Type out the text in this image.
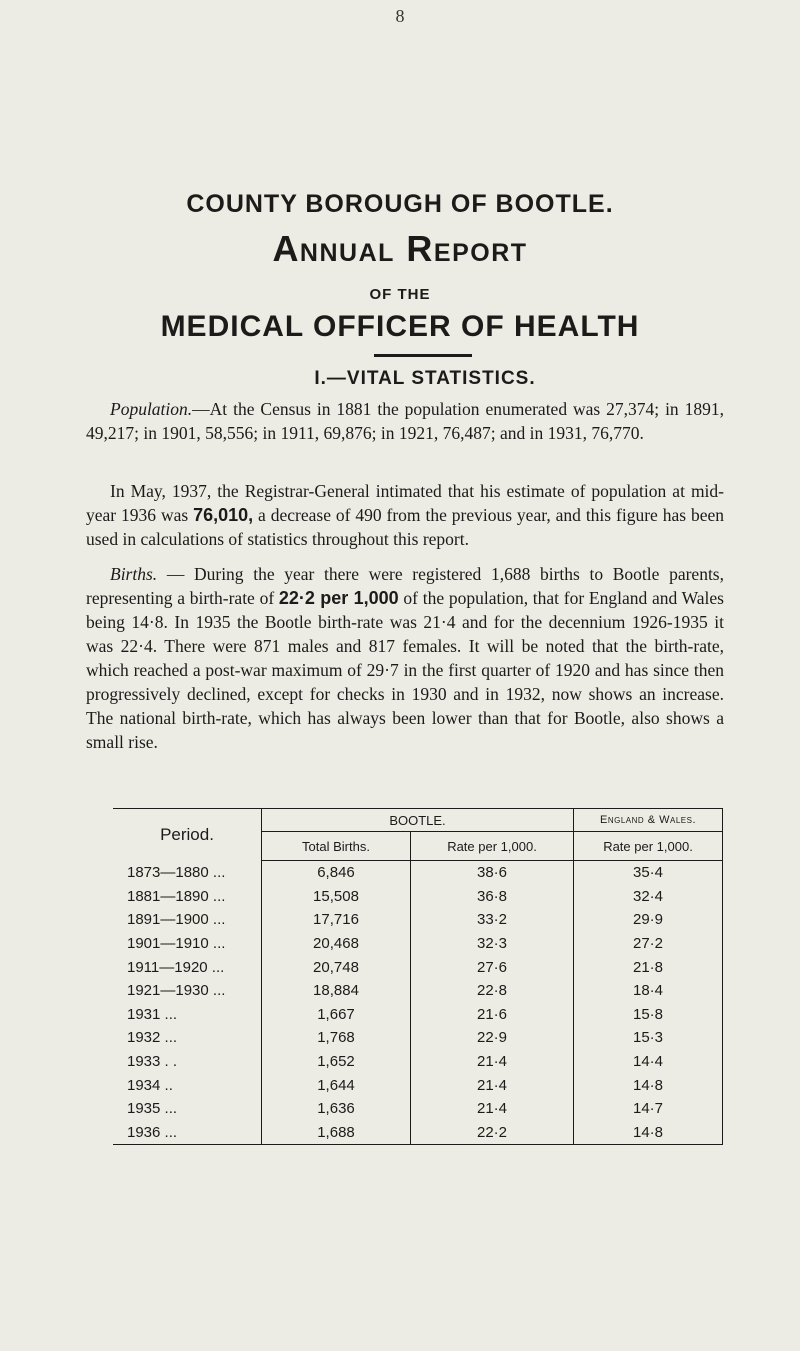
8
COUNTY BOROUGH OF BOOTLE.
Annual Report
OF THE
MEDICAL OFFICER OF HEALTH
I.—VITAL STATISTICS.

Population.—At the Census in 1881 the population enumerated was 27,374; in 1891, 49,217; in 1901, 58,556; in 1911, 69,876; in 1921, 76,487; and in 1931, 76,770.

In May, 1937, the Registrar-General intimated that his estimate of population at mid-year 1936 was 76,010, a decrease of 490 from the previous year, and this figure has been used in calculations of statistics throughout this report.

Births. — During the year there were registered 1,688 births to Bootle parents, representing a birth-rate of 22·2 per 1,000 of the population, that for England and Wales being 14·8. In 1935 the Bootle birth-rate was 21·4 and for the decennium 1926-1935 it was 22·4. There were 871 males and 817 females. It will be noted that the birth-rate, which reached a post-war maximum of 29·7 in the first quarter of 1920 and has since then progressively declined, except for checks in 1930 and in 1932, now shows an increase. The national birth-rate, which has always been lower than that for Bootle, also shows a small rise.

Period.	BOOTLE.		England & Wales.
	Total Births.	Rate per 1,000.	Rate per 1,000.
1873—1880 ...	6,846	38·6	35·4
1881—1890 ...	15,508	36·8	32·4
1891—1900 ...	17,716	33·2	29·9
1901—1910 ...	20,468	32·3	27·2
1911—1920 ...	20,748	27·6	21·8
1921—1930 ...	18,884	22·8	18·4
1931 ...	1,667	21·6	15·8
1932 ...	1,768	22·9	15·3
1933 . .	1,652	21·4	14·4
1934 ..	1,644	21·4	14·8
1935 ...	1,636	21·4	14·7
1936 ...	1,688	22·2	14·8
